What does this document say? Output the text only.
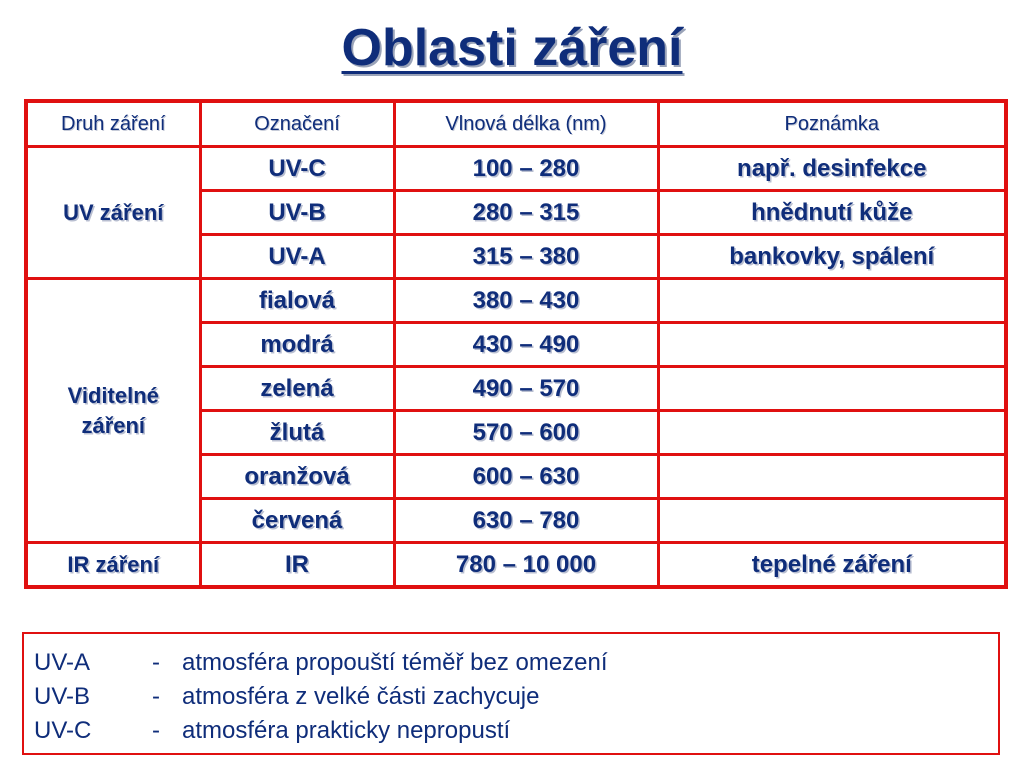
Oblasti záření
Druh záření	Označení	Vlnová délka (nm)	Poznámka
UV záření	UV-C	100 – 280	např. desinfekce
	UV-B	280 – 315	hnědnutí kůže
	UV-A	315 – 380	bankovky, spálení
Viditelné záření	fialová	380 – 430	
	modrá	430 – 490	
	zelená	490 – 570	
	žlutá	570 – 600	
	oranžová	600 – 630	
	červená	630 – 780	
IR záření	IR	780 – 10 000	tepelné záření
UV-A	- atmosféra propouští téměř bez omezení
UV-B	- atmosféra z velké části zachycuje
UV-C	- atmosféra prakticky nepropustí
